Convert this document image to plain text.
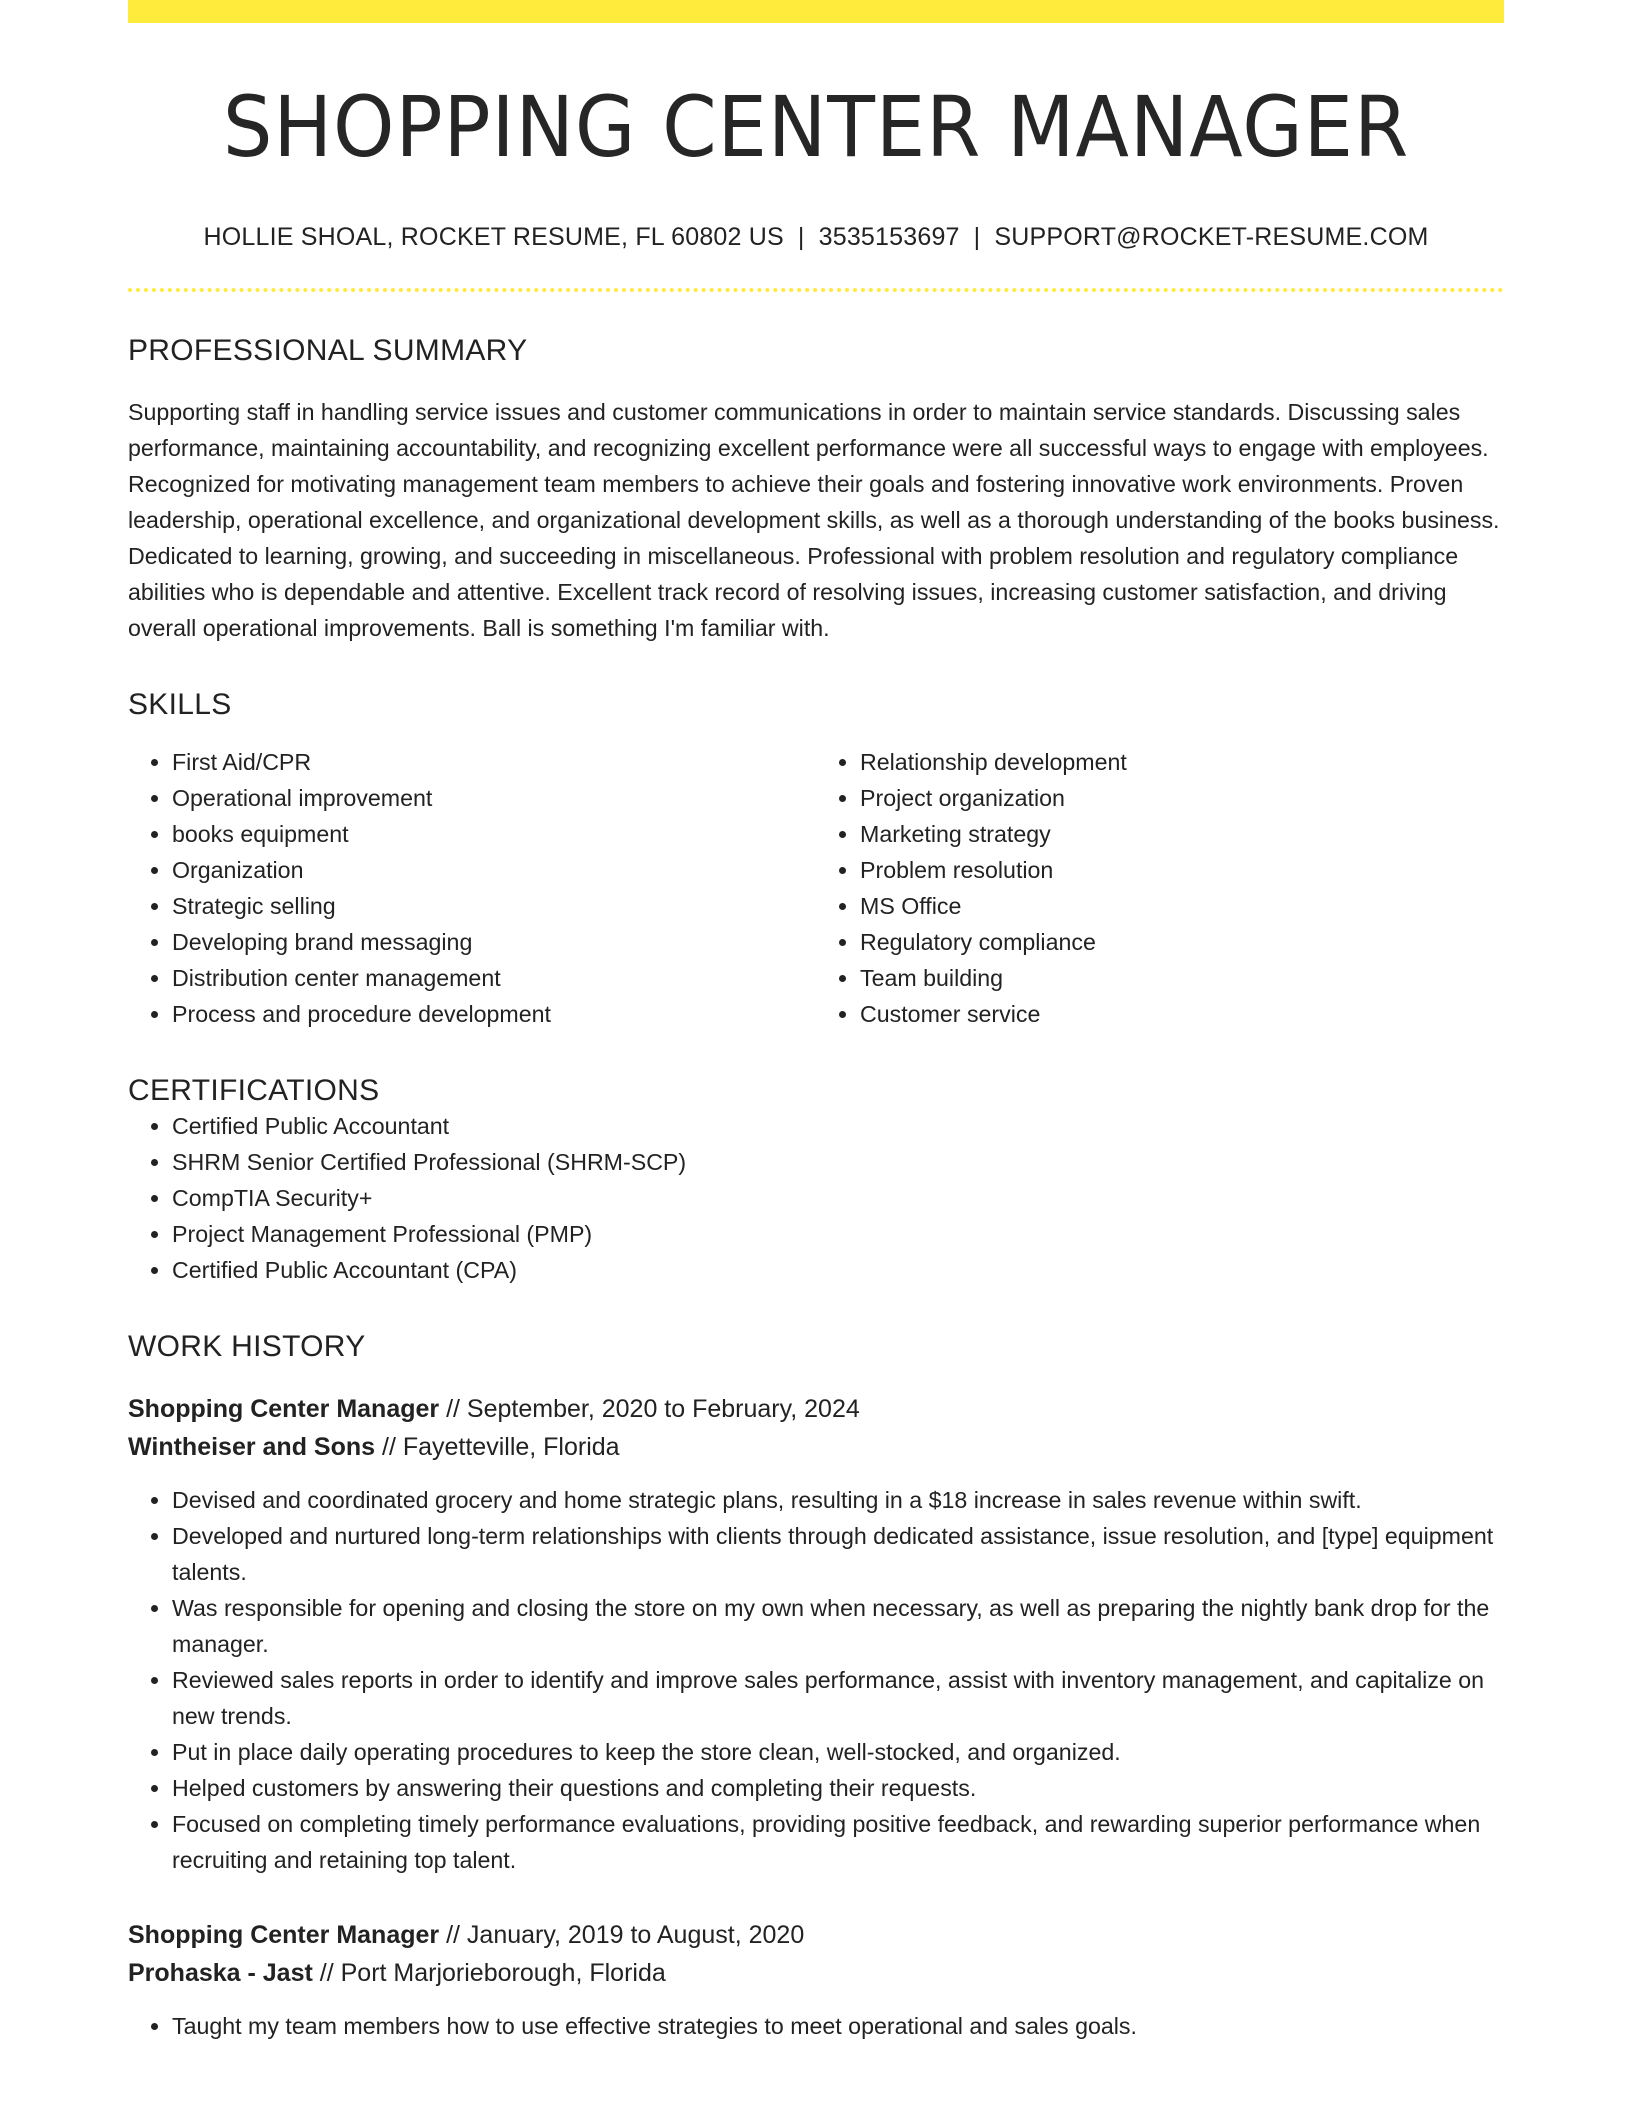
SHOPPING CENTER MANAGER
HOLLIE SHOAL, ROCKET RESUME, FL 60802 US | 3535153697 | SUPPORT@ROCKET-RESUME.COM
PROFESSIONAL SUMMARY

Supporting staff in handling service issues and customer communications in order to maintain service standards. Discussing sales performance, maintaining accountability, and recognizing excellent performance were all successful ways to engage with employees. Recognized for motivating management team members to achieve their goals and fostering innovative work environments. Proven leadership, operational excellence, and organizational development skills, as well as a thorough understanding of the books business. Dedicated to learning, growing, and succeeding in miscellaneous. Professional with problem resolution and regulatory compliance abilities who is dependable and attentive. Excellent track record of resolving issues, increasing customer satisfaction, and driving overall operational improvements. Ball is something I'm familiar with.

SKILLS
• First Aid/CPR
• Operational improvement
• books equipment
• Organization
• Strategic selling
• Developing brand messaging
• Distribution center management
• Process and procedure development
• Relationship development
• Project organization
• Marketing strategy
• Problem resolution
• MS Office
• Regulatory compliance
• Team building
• Customer service
CERTIFICATIONS
• Certified Public Accountant
• SHRM Senior Certified Professional (SHRM-SCP)
• CompTIA Security+
• Project Management Professional (PMP)
• Certified Public Accountant (CPA)
WORK HISTORY
Shopping Center Manager // September, 2020 to February, 2024
Wintheiser and Sons // Fayetteville, Florida
• Devised and coordinated grocery and home strategic plans, resulting in a $18 increase in sales revenue within swift.
• Developed and nurtured long-term relationships with clients through dedicated assistance, issue resolution, and [type] equipment talents.
• Was responsible for opening and closing the store on my own when necessary, as well as preparing the nightly bank drop for the manager.
• Reviewed sales reports in order to identify and improve sales performance, assist with inventory management, and capitalize on new trends.
• Put in place daily operating procedures to keep the store clean, well-stocked, and organized.
• Helped customers by answering their questions and completing their requests.
• Focused on completing timely performance evaluations, providing positive feedback, and rewarding superior performance when recruiting and retaining top talent.
Shopping Center Manager // January, 2019 to August, 2020
Prohaska - Jast // Port Marjorieborough, Florida
• Taught my team members how to use effective strategies to meet operational and sales goals.
